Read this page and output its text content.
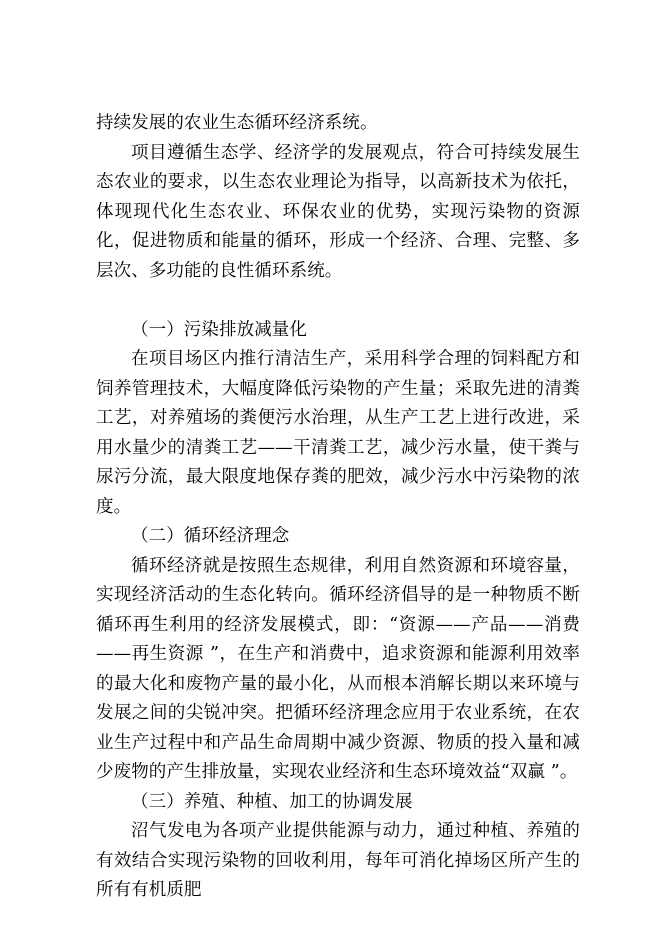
持续发展的农业生态循环经济系统。

项目遵循生态学、经济学的发展观点，符合可持续发展生态农业的要求，以生态农业理论为指导，以高新技术为依托，体现现代化生态农业、环保农业的优势，实现污染物的资源化，促进物质和能量的循环，形成一个经济、合理、完整、多层次、多功能的良性循环系统。

（一）污染排放减量化

在项目场区内推行清洁生产，采用科学合理的饲料配方和饲养管理技术，大幅度降低污染物的产生量；采取先进的清粪工艺，对养殖场的粪便污水治理，从生产工艺上进行改进，采用水量少的清粪工艺——干清粪工艺，减少污水量，使干粪与尿污分流，最大限度地保存粪的肥效，减少污水中污染物的浓度。

（二）循环经济理念

循环经济就是按照生态规律，利用自然资源和环境容量，实现经济活动的生态化转向。循环经济倡导的是一种物质不断循环再生利用的经济发展模式，即：“资源——产品——消费——再生资源 ”，在生产和消费中，追求资源和能源利用效率的最大化和废物产量的最小化，从而根本消解长期以来环境与发展之间的尖锐冲突。把循环经济理念应用于农业系统，在农业生产过程中和产品生命周期中减少资源、物质的投入量和减少废物的产生排放量，实现农业经济和生态环境效益“双赢 ”。

（三）养殖、种植、加工的协调发展

沼气发电为各项产业提供能源与动力，通过种植、养殖的有效结合实现污染物的回收利用，每年可消化掉场区所产生的所有有机质肥
